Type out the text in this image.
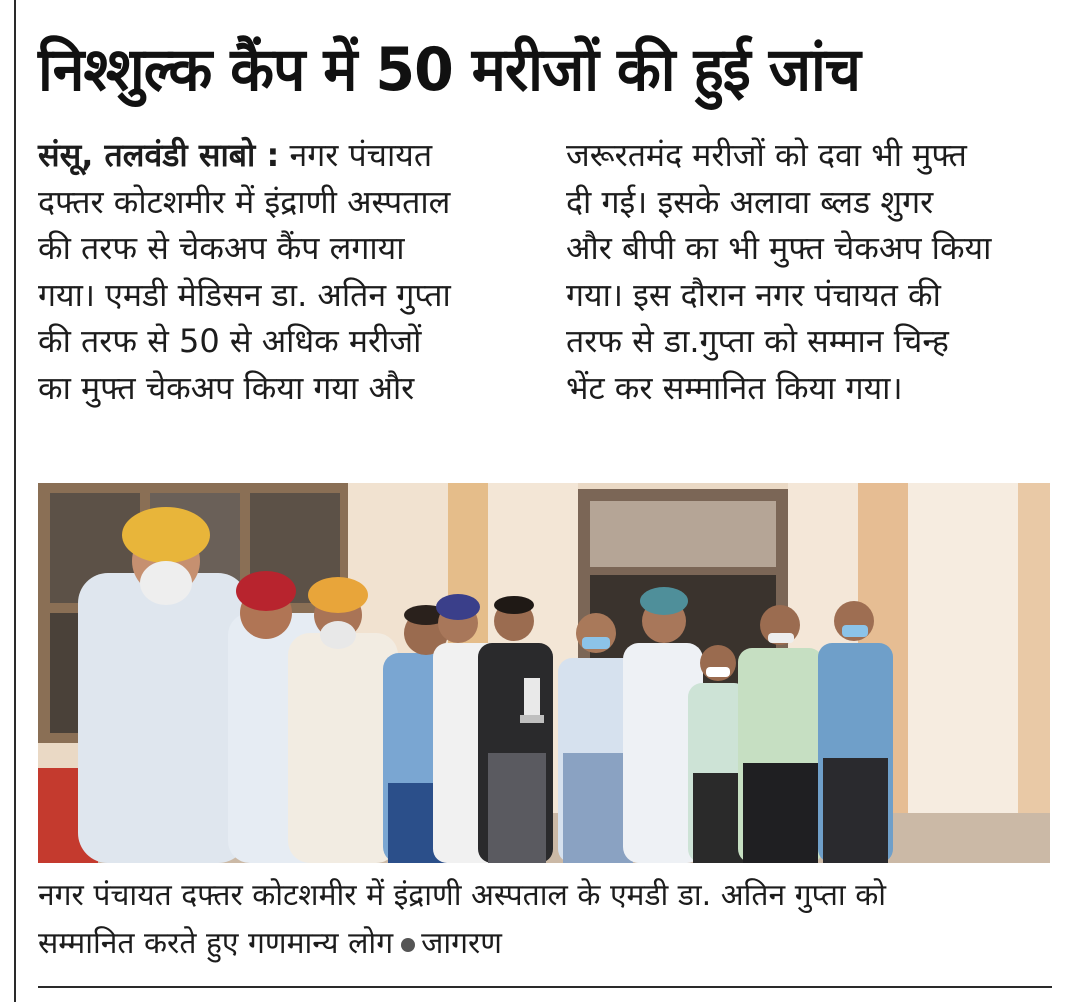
निश्शुल्क कैंप में 50 मरीजों की हुई जांच
संसू, तलवंडी साबो : नगर पंचायत
दफ्तर कोटशमीर में इंद्राणी अस्पताल
की तरफ से चेकअप कैंप लगाया
गया। एमडी मेडिसन डा. अतिन गुप्ता
की तरफ से 50 से अधिक मरीजों
का मुफ्त चेकअप किया गया और
जरूरतमंद मरीजों को दवा भी मुफ्त
दी गई। इसके अलावा ब्लड शुगर
और बीपी का भी मुफ्त चेकअप किया
गया। इस दौरान नगर पंचायत की
तरफ से डा.गुप्ता को सम्मान चिन्ह
भेंट कर सम्मानित किया गया।
नगर पंचायत दफ्तर कोटशमीर में इंद्राणी अस्पताल के एमडी डा. अतिन गुप्ता को
सम्मानित करते हुए गणमान्य लोग जागरण
